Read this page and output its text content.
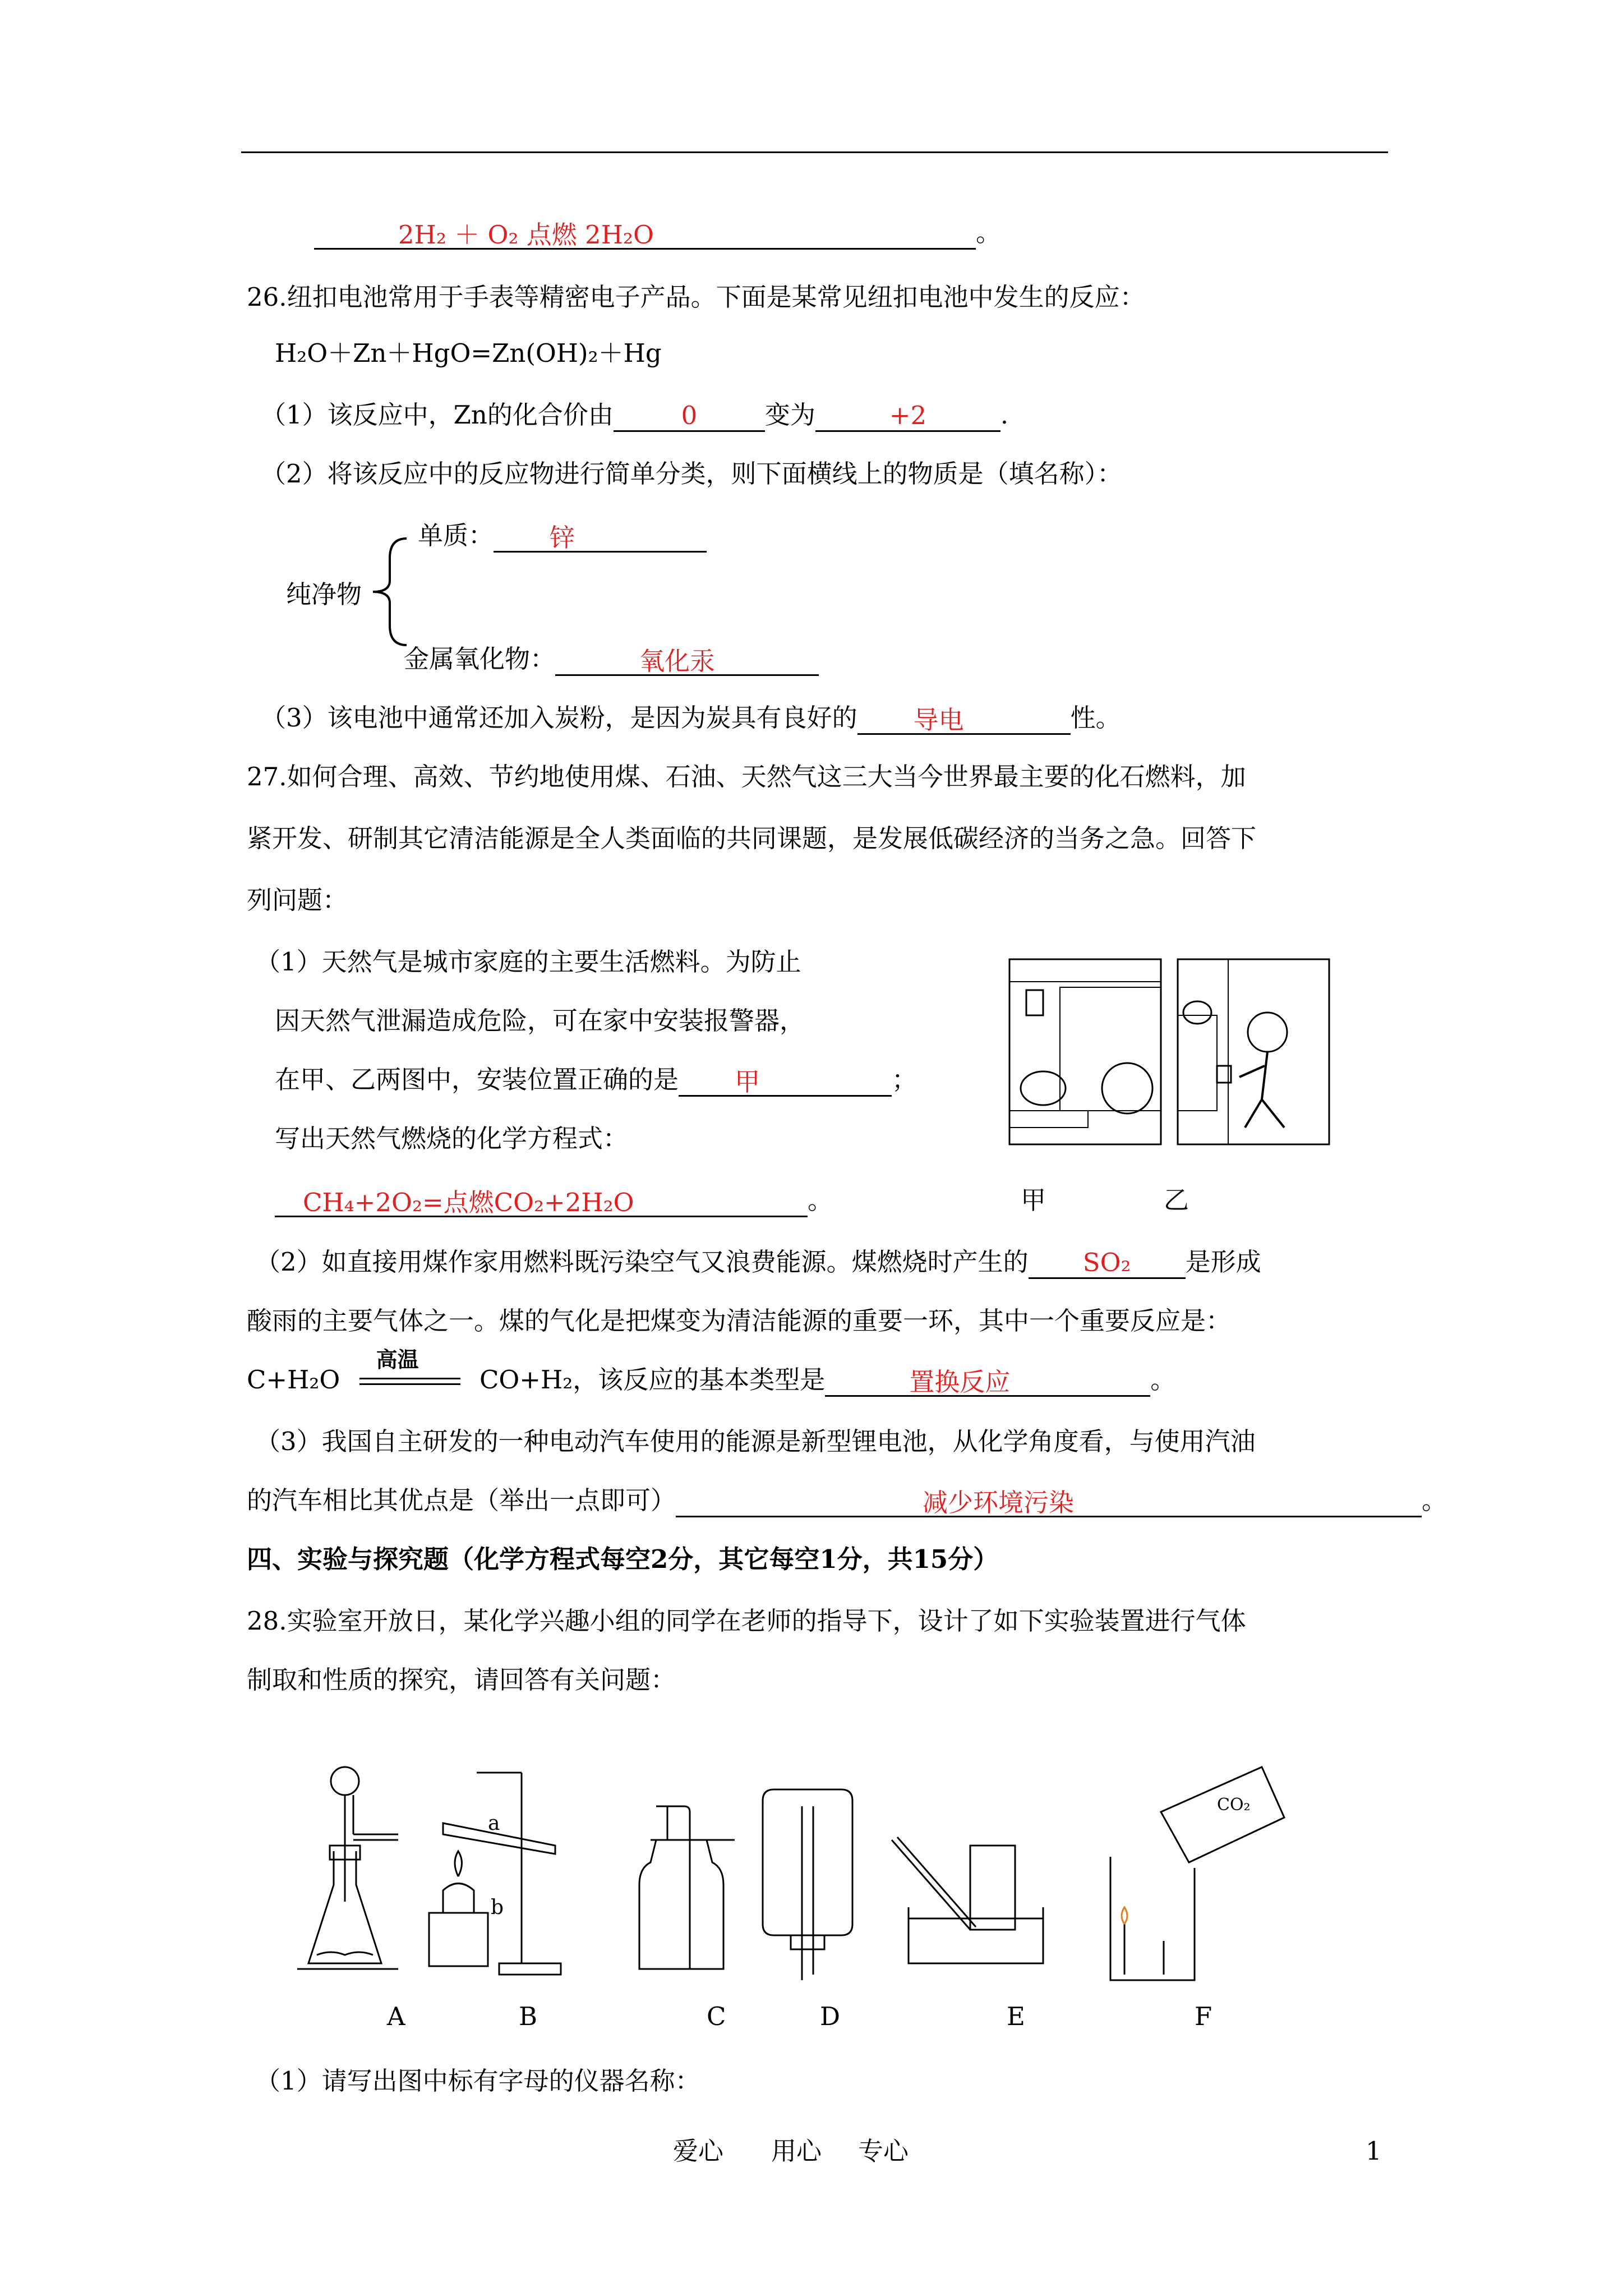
2H₂ ＋ O₂ 点燃 2H₂O	。
26.纽扣电池常用于手表等精密电子产品。下面是某常见纽扣电池中发生的反应：
H₂O＋Zn＋HgO=Zn(OH)₂＋Hg
（1）该反应中，Zn的化合价由	0	变为	+2	.
（2）将该反应中的反应物进行简单分类，则下面横线上的物质是（填名称）：
单质： 锌
纯净物
金属氧化物：	氧化汞
（3）该电池中通常还加入炭粉，是因为炭具有良好的 导电	性。
27.如何合理、高效、节约地使用煤、石油、天然气这三大当今世界最主要的化石燃料，加
紧开发、研制其它清洁能源是全人类面临的共同课题，是发展低碳经济的当务之急。回答下
列问题：
（1）天然气是城市家庭的主要生活燃料。为防止
因天然气泄漏造成危险，可在家中安装报警器，
在甲、乙两图中，安装位置正确的是 甲	；
写出天然气燃烧的化学方程式：
CH₄+2O₂=点燃CO₂+2H₂O	。	甲	乙
（2）如直接用煤作家用燃料既污染空气又浪费能源。煤燃烧时产生的 SO₂ 是形成
酸雨的主要气体之一。煤的气化是把煤变为清洁能源的重要一环，其中一个重要反应是：
C+H₂O
高温
CO+H₂，该反应的基本类型是	置换反应	。
（3）我国自主研发的一种电动汽车使用的能源是新型锂电池，从化学角度看，与使用汽油
的汽车相比其优点是（举出一点即可）	减少环境污染	。
四、实验与探究题（化学方程式每空2分，其它每空1分，共15分）
28.实验室开放日，某化学兴趣小组的同学在老师的指导下，设计了如下实验装置进行气体
制取和性质的探究，请回答有关问题：
a
b
CO₂
A	B	C	D	E	F
（1）请写出图中标有字母的仪器名称：
爱心 用心 专心	1
